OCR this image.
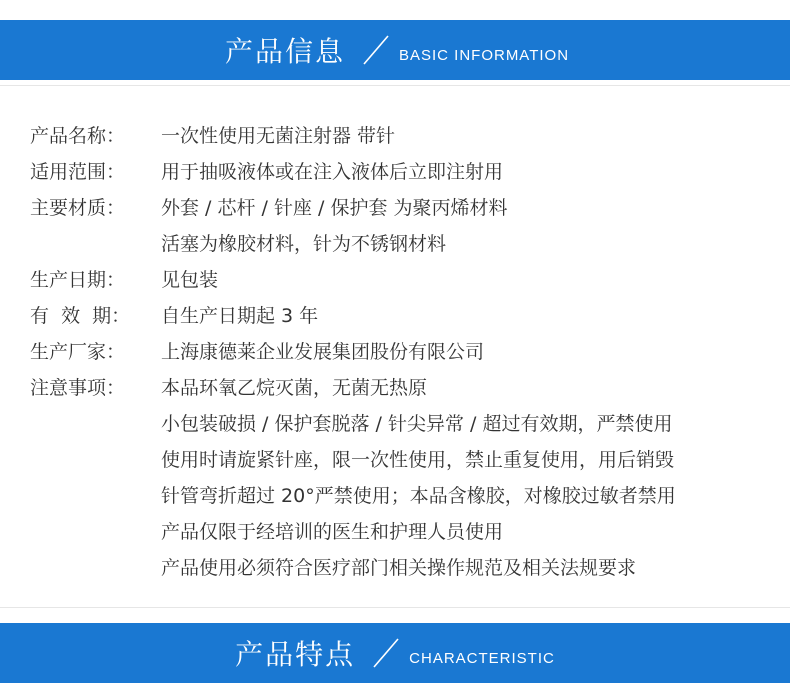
产品信息	BASIC INFORMATION
产品名称：	一次性使用无菌注射器 带针
适用范围：	用于抽吸液体或在注入液体后立即注射用
主要材质：	外套 / 芯杆 / 针座 / 保护套 为聚丙烯材料
活塞为橡胶材料，针为不锈钢材料
生产日期：	见包装
有  效  期：	自生产日期起 3 年
生产厂家：	上海康德莱企业发展集团股份有限公司
注意事项：	本品环氧乙烷灭菌，无菌无热原
小包装破损 / 保护套脱落 / 针尖异常 / 超过有效期，严禁使用
使用时请旋紧针座，限一次性使用，禁止重复使用，用后销毁
针管弯折超过 20°严禁使用；本品含橡胶，对橡胶过敏者禁用
产品仅限于经培训的医生和护理人员使用
产品使用必须符合医疗部门相关操作规范及相关法规要求
产品特点	CHARACTERISTIC
